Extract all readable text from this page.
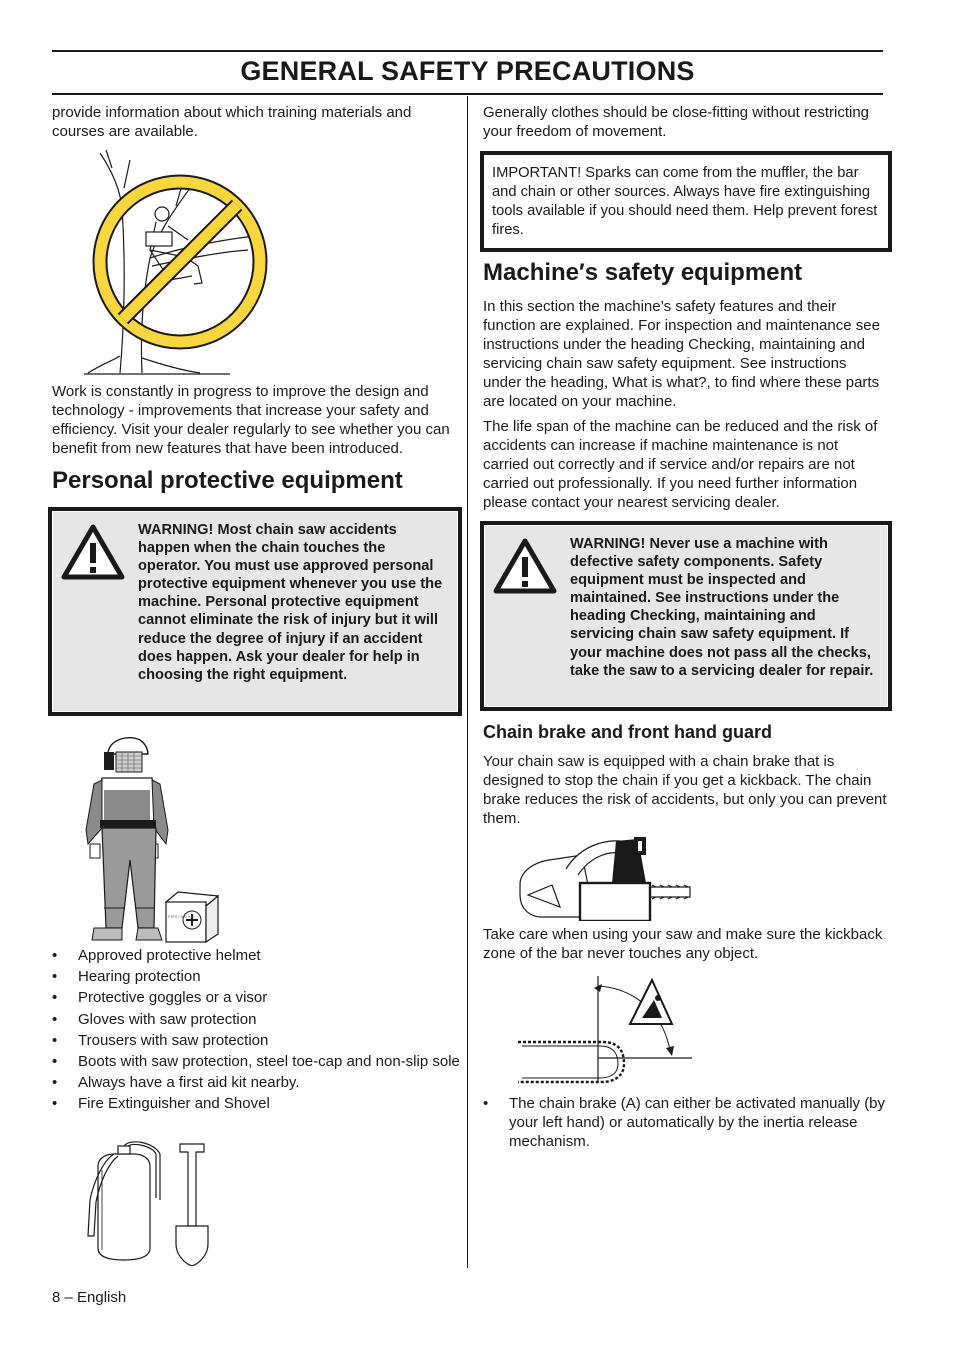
GENERAL SAFETY PRECAUTIONS
provide information about which training materials and courses are available.
Work is constantly in progress to improve the design and technology - improvements that increase your safety and efficiency. Visit your dealer regularly to see whether you can benefit from new features that have been introduced.
Personal protective equipment
WARNING! Most chain saw accidents happen when the chain touches the operator. You must use approved personal protective equipment whenever you use the machine. Personal protective equipment cannot eliminate the risk of injury but it will reduce the degree of injury if an accident does happen. Ask your dealer for help in choosing the right equipment.
FIRST AID KIT
• Approved protective helmet
• Hearing protection
• Protective goggles or a visor
• Gloves with saw protection
• Trousers with saw protection
• Boots with saw protection, steel toe-cap and non-slip sole
• Always have a first aid kit nearby.
• Fire Extinguisher and Shovel
Generally clothes should be close-fitting without restricting your freedom of movement.
IMPORTANT! Sparks can come from the muffler, the bar and chain or other sources. Always have fire extinguishing tools available if you should need them. Help prevent forest fires.
Machine′s safety equipment
In this section the machine’s safety features and their function are explained. For inspection and maintenance see instructions under the heading Checking, maintaining and servicing chain saw safety equipment. See instructions under the heading, What is what?, to find where these parts are located on your machine.
The life span of the machine can be reduced and the risk of accidents can increase if machine maintenance is not carried out correctly and if service and/or repairs are not carried out professionally. If you need further information please contact your nearest servicing dealer.
WARNING! Never use a machine with defective safety components. Safety equipment must be inspected and maintained. See instructions under the heading Checking, maintaining and servicing chain saw safety equipment. If your machine does not pass all the checks, take the saw to a servicing dealer for repair.
Chain brake and front hand guard
Your chain saw is equipped with a chain brake that is designed to stop the chain if you get a kickback. The chain brake reduces the risk of accidents, but only you can prevent them.
Take care when using your saw and make sure the kickback zone of the bar never touches any object.
• The chain brake (A) can either be activated manually (by your left hand) or automatically by the inertia release mechanism.
8 – English
